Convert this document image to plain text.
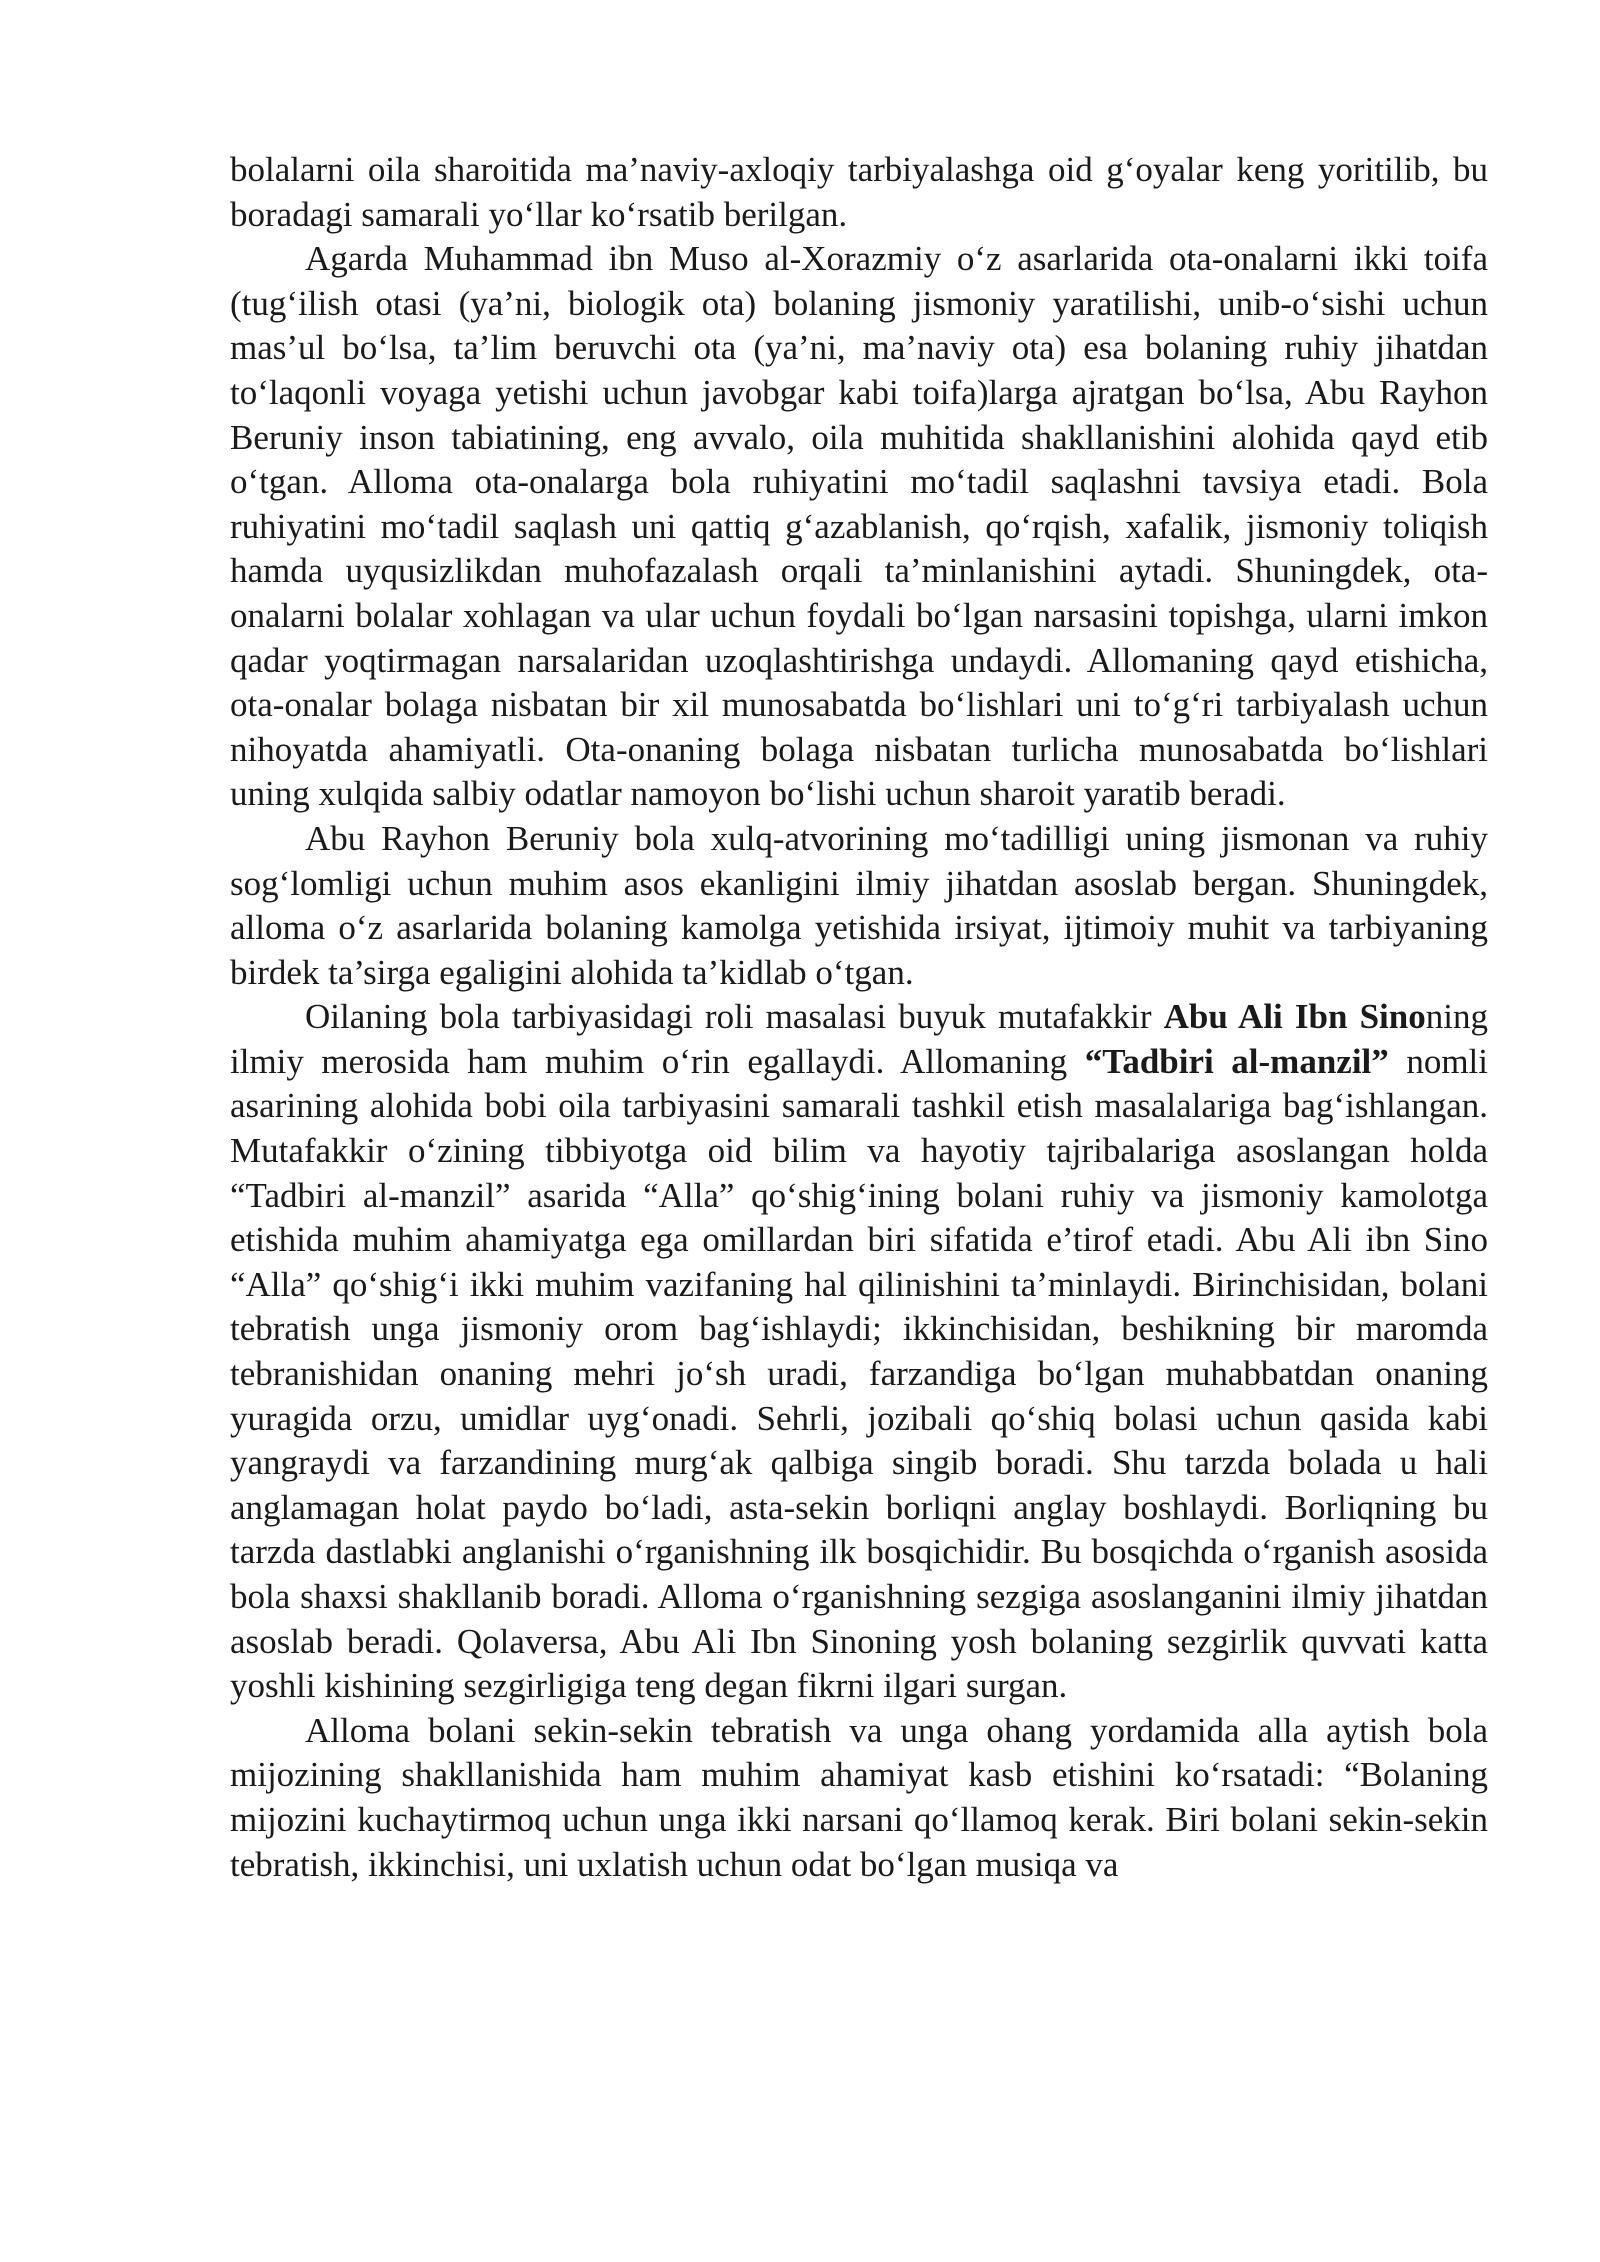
bolalarni oila sharoitida ma’naviy-axloqiy tarbiyalashga oid g‘oyalar keng yoritilib, bu boradagi samarali yo‘llar ko‘rsatib berilgan.

Agarda Muhammad ibn Muso al-Xorazmiy o‘z asarlarida ota-onalarni ikki toifa (tug‘ilish otasi (ya’ni, biologik ota) bolaning jismoniy yaratilishi, unib-o‘sishi uchun mas’ul bo‘lsa, ta’lim beruvchi ota (ya’ni, ma’naviy ota) esa bolaning ruhiy jihatdan to‘laqonli voyaga yetishi uchun javobgar kabi toifa)larga ajratgan bo‘lsa, Abu Rayhon Beruniy inson tabiatining, eng avvalo, oila muhitida shakllanishini alohida qayd etib o‘tgan. Alloma ota-onalarga bola ruhiyatini mo‘tadil saqlashni tavsiya etadi. Bola ruhiyatini mo‘tadil saqlash uni qattiq g‘azablanish, qo‘rqish, xafalik, jismoniy toliqish hamda uyqusizlikdan muhofazalash orqali ta’minlanishini aytadi. Shuningdek, ota-onalarni bolalar xohlagan va ular uchun foydali bo‘lgan narsasini topishga, ularni imkon qadar yoqtirmagan narsalaridan uzoqlashtirishga undaydi. Allomaning qayd etishicha, ota-onalar bolaga nisbatan bir xil munosabatda bo‘lishlari uni to‘g‘ri tarbiyalash uchun nihoyatda ahamiyatli. Ota-onaning bolaga nisbatan turlicha munosabatda bo‘lishlari uning xulqida salbiy odatlar namoyon bo‘lishi uchun sharoit yaratib beradi.

Abu Rayhon Beruniy bola xulq-atvorining mo‘tadilligi uning jismonan va ruhiy sog‘lomligi uchun muhim asos ekanligini ilmiy jihatdan asoslab bergan. Shuningdek, alloma o‘z asarlarida bolaning kamolga yetishida irsiyat, ijtimoiy muhit va tarbiyaning birdek ta’sirga egaligini alohida ta’kidlab o‘tgan.

Oilaning bola tarbiyasidagi roli masalasi buyuk mutafakkir Abu Ali Ibn Sinoning ilmiy merosida ham muhim o‘rin egallaydi. Allomaning “Tadbiri al-manzil” nomli asarining alohida bobi oila tarbiyasini samarali tashkil etish masalalariga bag‘ishlangan. Mutafakkir o‘zining tibbiyotga oid bilim va hayotiy tajribalariga asoslangan holda “Tadbiri al-manzil” asarida “Alla” qo‘shig‘ining bolani ruhiy va jismoniy kamolotga etishida muhim ahamiyatga ega omillardan biri sifatida e’tirof etadi. Abu Ali ibn Sino “Alla” qo‘shig‘i ikki muhim vazifaning hal qilinishini ta’minlaydi. Birinchisidan, bolani tebratish unga jismoniy orom bag‘ishlaydi; ikkinchisidan, beshikning bir maromda tebranishidan onaning mehri jo‘sh uradi, farzandiga bo‘lgan muhabbatdan onaning yuragida orzu, umidlar uyg‘onadi. Sehrli, jozibali qo‘shiq bolasi uchun qasida kabi yangraydi va farzandining murg‘ak qalbiga singib boradi. Shu tarzda bolada u hali anglamagan holat paydo bo‘ladi, asta-sekin borliqni anglay boshlaydi. Borliqning bu tarzda dastlabki anglanishi o‘rganishning ilk bosqichidir. Bu bosqichda o‘rganish asosida bola shaxsi shakllanib boradi. Alloma o‘rganishning sezgiga asoslanganini ilmiy jihatdan asoslab beradi. Qolaversa, Abu Ali Ibn Sinoning yosh bolaning sezgirlik quvvati katta yoshli kishining sezgirligiga teng degan fikrni ilgari surgan.

Alloma bolani sekin-sekin tebratish va unga ohang yordamida alla aytish bola mijozining shakllanishida ham muhim ahamiyat kasb etishini ko‘rsatadi: “Bolaning mijozini kuchaytirmoq uchun unga ikki narsani qo‘llamoq kerak. Biri bolani sekin-sekin tebratish, ikkinchisi, uni uxlatish uchun odat bo‘lgan musiqa va
